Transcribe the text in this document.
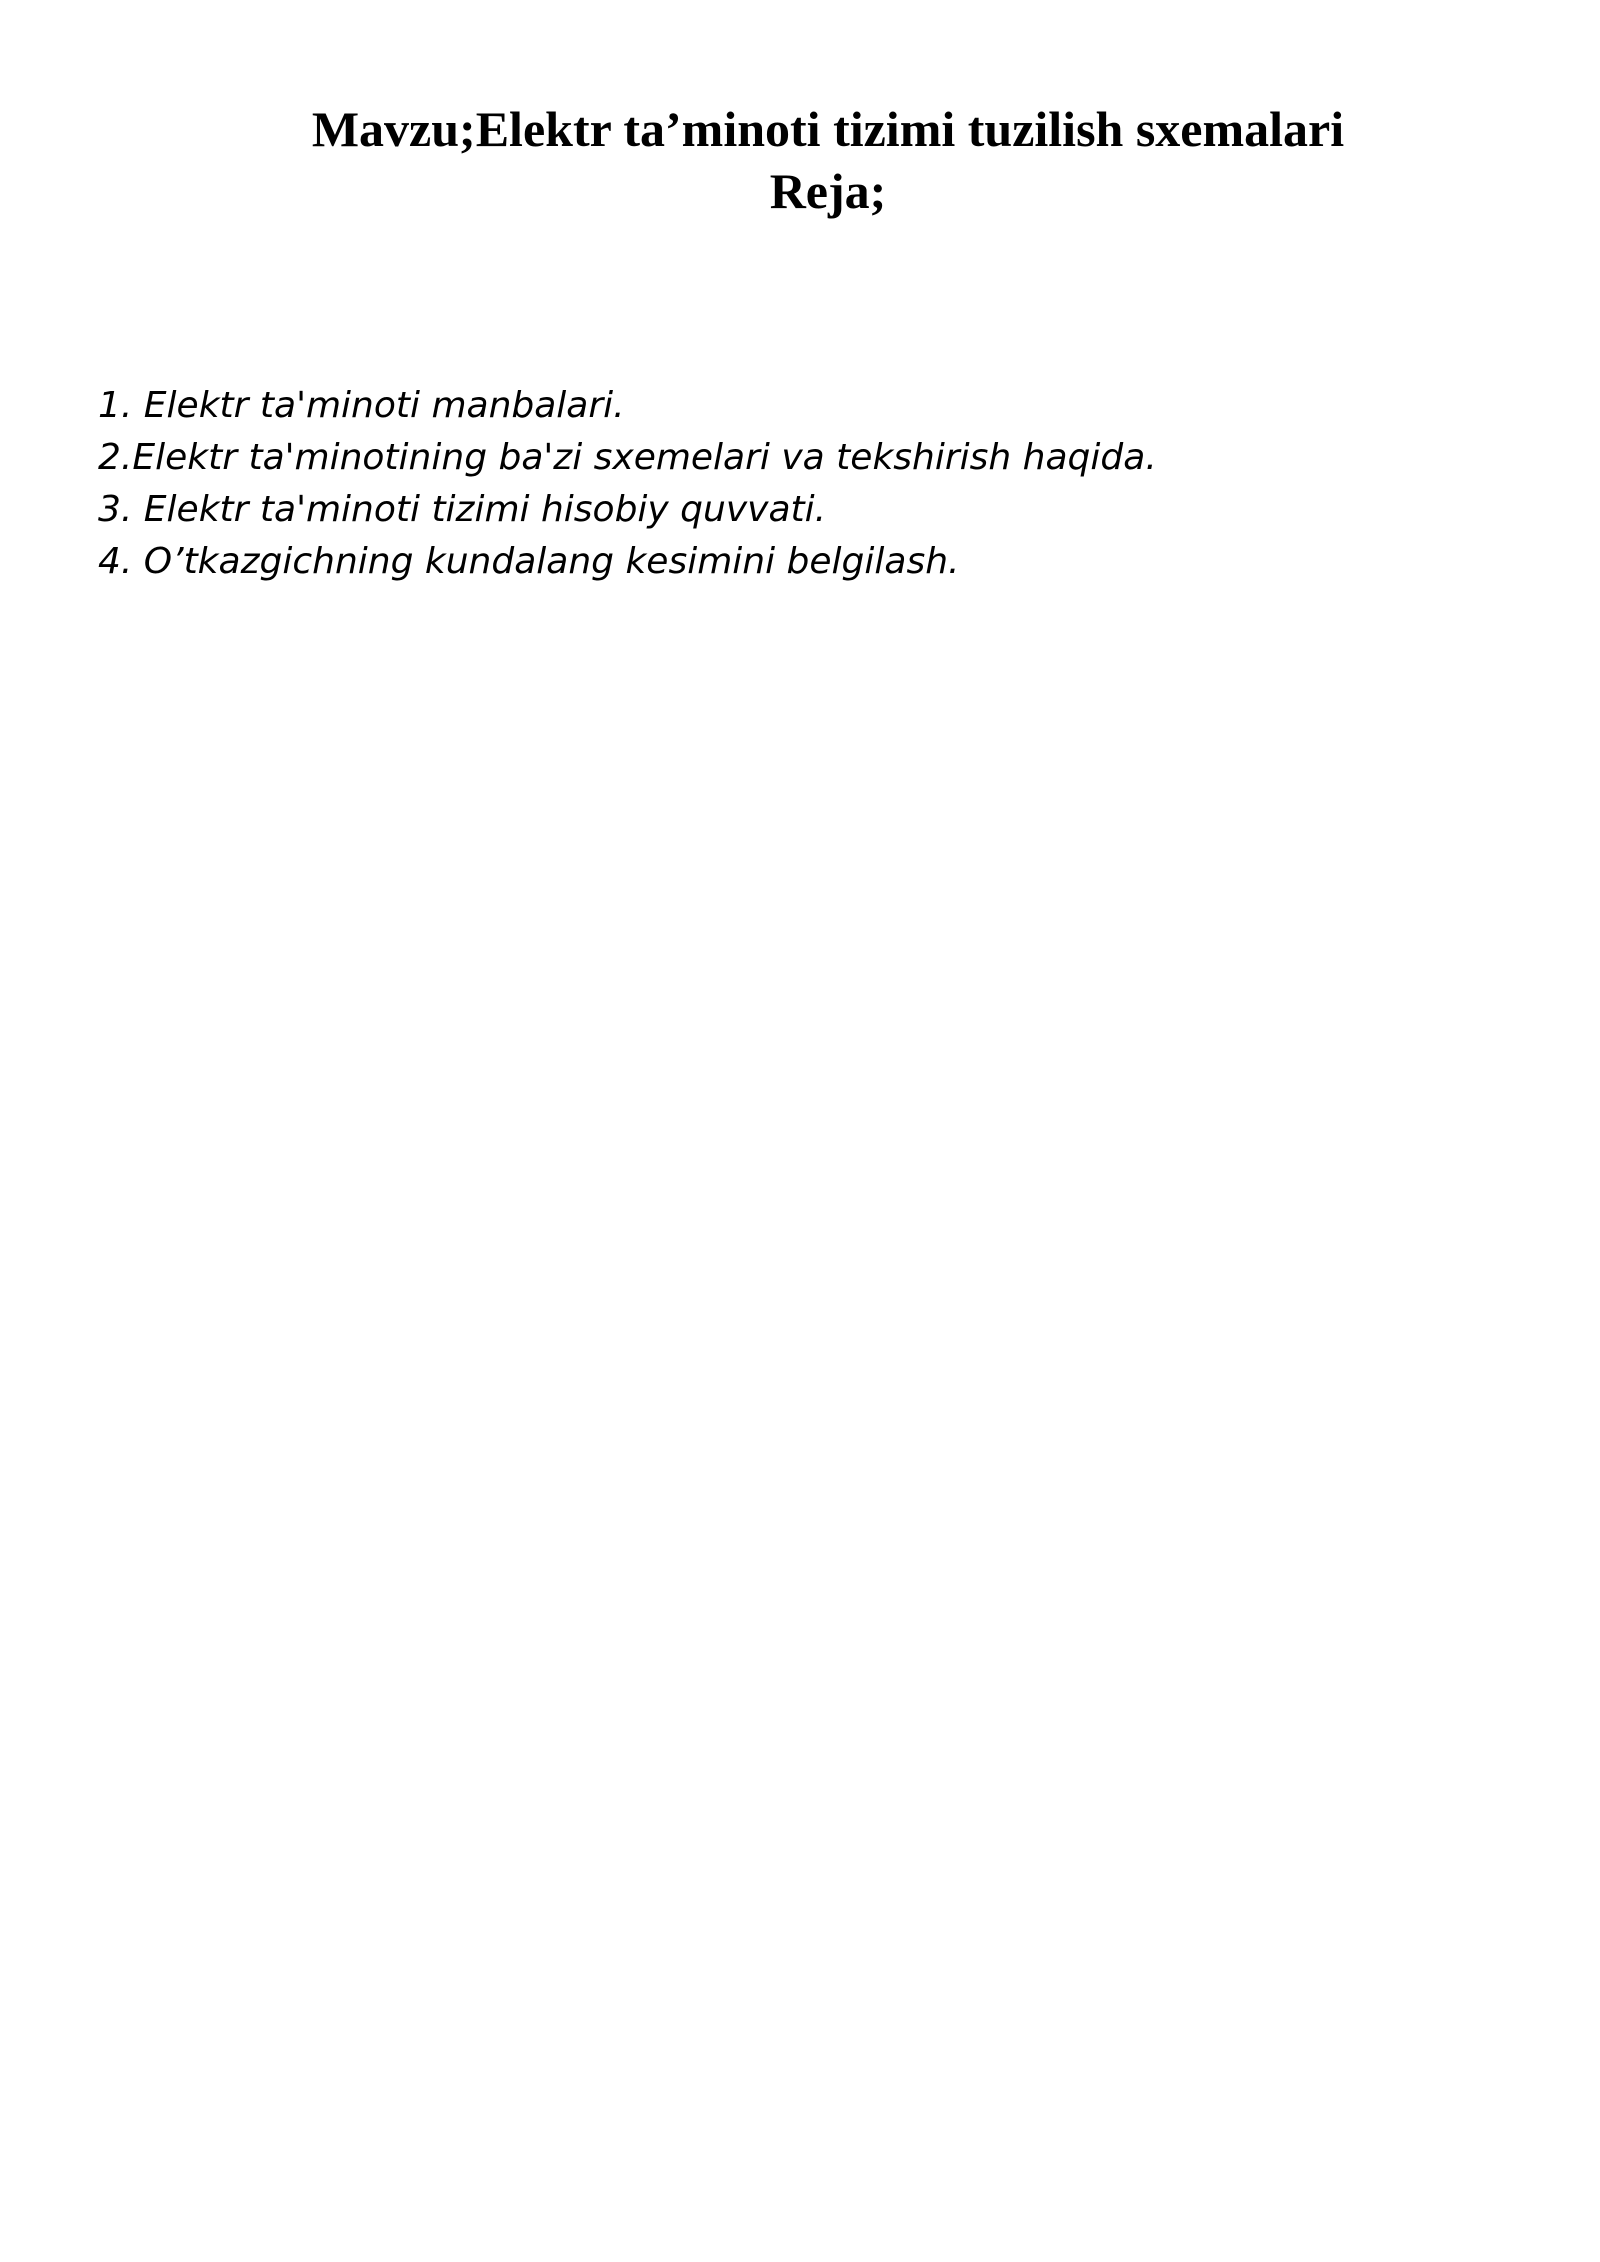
Mavzu;Elektr ta’minoti tizimi tuzilish sxemalari
Reja;
1. Elektr ta'minoti manbalari.
2.Elektr ta'minotining ba'zi sxemelari va tekshirish haqida.
3. Elektr ta'minoti tizimi hisobiy quvvati.
4. O’tkazgichning kundalang kesimini belgilash.
